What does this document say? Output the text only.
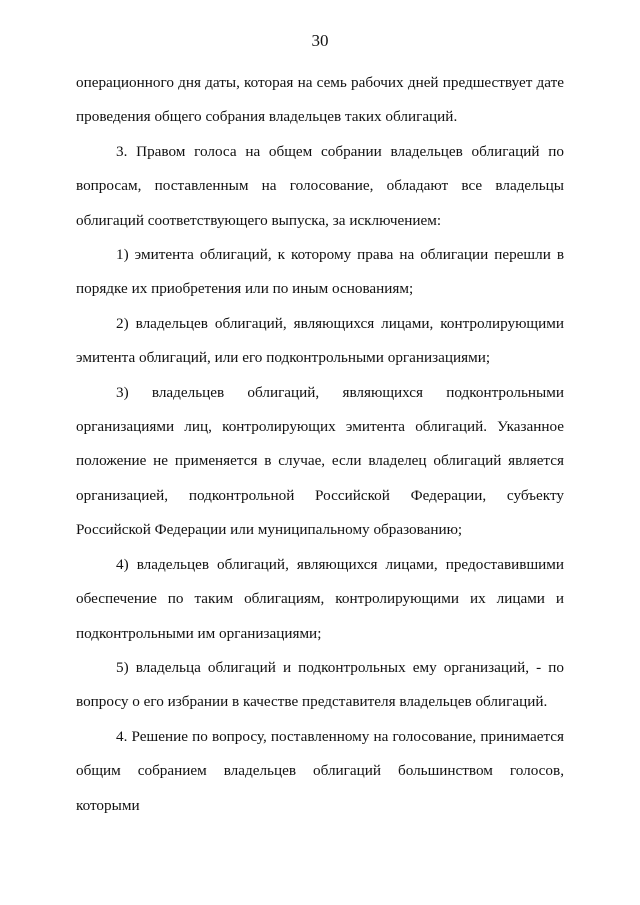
30

операционного дня даты, которая на семь рабочих дней предшествует дате проведения общего собрания владельцев таких облигаций.

3. Правом голоса на общем собрании владельцев облигаций по вопросам, поставленным на голосование, обладают все владельцы облигаций соответствующего выпуска, за исключением:

1) эмитента облигаций, к которому права на облигации перешли в порядке их приобретения или по иным основаниям;

2) владельцев облигаций, являющихся лицами, контролирующими эмитента облигаций, или его подконтрольными организациями;

3) владельцев облигаций, являющихся подконтрольными организациями лиц, контролирующих эмитента облигаций. Указанное положение не применяется в случае, если владелец облигаций является организацией, подконтрольной Российской Федерации, субъекту Российской Федерации или муниципальному образованию;

4) владельцев облигаций, являющихся лицами, предоставившими обеспечение по таким облигациям, контролирующими их лицами и подконтрольными им организациями;

5) владельца облигаций и подконтрольных ему организаций, - по вопросу о его избрании в качестве представителя владельцев облигаций.

4. Решение по вопросу, поставленному на голосование, принимается общим собранием владельцев облигаций большинством голосов, которыми
